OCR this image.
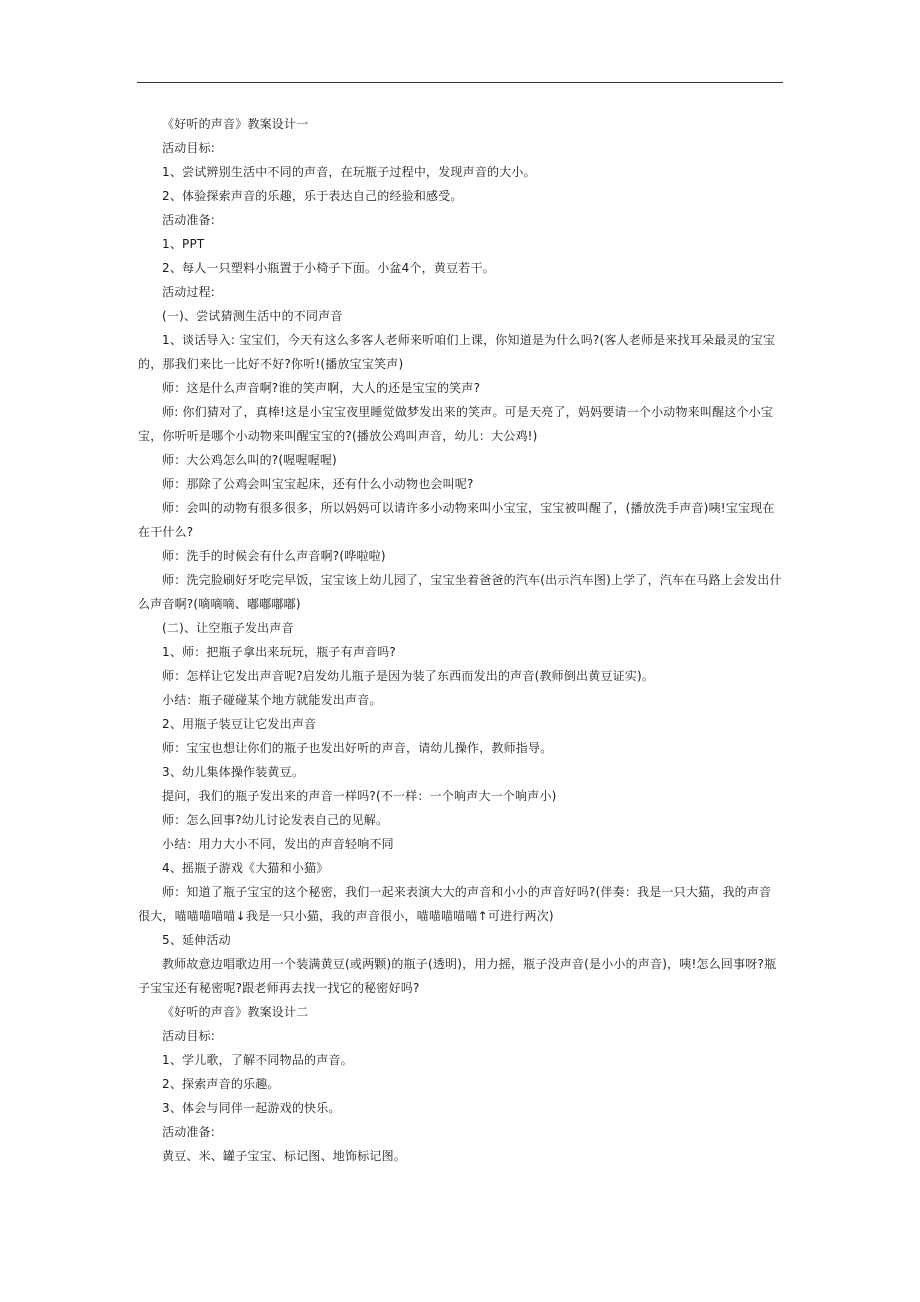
《好听的声音》教案设计一

活动目标:

1、尝试辨别生活中不同的声音，在玩瓶子过程中，发现声音的大小。

2、体验探索声音的乐趣，乐于表达自己的经验和感受。

活动准备:

1、PPT

2、每人一只塑料小瓶置于小椅子下面。小盆4个，黄豆若干。

活动过程:

(一)、尝试猜测生活中的不同声音

1、谈话导入: 宝宝们，今天有这么多客人老师来听咱们上课，你知道是为什么吗?(客人老师是来找耳朵最灵的宝宝的，那我们来比一比好不好?你听!(播放宝宝笑声)

师：这是什么声音啊?谁的笑声啊，大人的还是宝宝的笑声?

师: 你们猜对了，真棒!这是小宝宝夜里睡觉做梦发出来的笑声。可是天亮了，妈妈要请一个小动物来叫醒这个小宝宝，你听听是哪个小动物来叫醒宝宝的?(播放公鸡叫声音，幼儿：大公鸡!)

师：大公鸡怎么叫的?(喔喔喔喔)

师：那除了公鸡会叫宝宝起床，还有什么小动物也会叫呢?

师：会叫的动物有很多很多，所以妈妈可以请许多小动物来叫小宝宝，宝宝被叫醒了，(播放洗手声音)咦!宝宝现在在干什么?

师：洗手的时候会有什么声音啊?(哗啦啦)

师：洗完脸刷好牙吃完早饭，宝宝该上幼儿园了，宝宝坐着爸爸的汽车(出示汽车图)上学了，汽车在马路上会发出什么声音啊?(嘀嘀嘀、嘟嘟嘟嘟)

(二)、让空瓶子发出声音

1、师：把瓶子拿出来玩玩，瓶子有声音吗?

师：怎样让它发出声音呢?启发幼儿瓶子是因为装了东西而发出的声音(教师倒出黄豆证实)。

小结：瓶子碰碰某个地方就能发出声音。

2、用瓶子装豆让它发出声音

师：宝宝也想让你们的瓶子也发出好听的声音，请幼儿操作，教师指导。

3、幼儿集体操作装黄豆。

提问，我们的瓶子发出来的声音一样吗?(不一样：一个响声大一个响声小)

师：怎么回事?幼儿讨论发表自己的见解。

小结：用力大小不同，发出的声音轻响不同

4、摇瓶子游戏《大猫和小猫》

师：知道了瓶子宝宝的这个秘密，我们一起来表演大大的声音和小小的声音好吗?(伴奏：我是一只大猫，我的声音很大，喵喵喵喵喵↓我是一只小猫，我的声音很小，喵喵喵喵喵↑可进行两次)

5、延伸活动

教师故意边唱歌边用一个装满黄豆(或两颗)的瓶子(透明)，用力摇，瓶子没声音(是小小的声音)，咦!怎么回事呀?瓶子宝宝还有秘密呢?跟老师再去找一找它的秘密好吗?

《好听的声音》教案设计二

活动目标:

1、学儿歌，了解不同物品的声音。

2、探索声音的乐趣。

3、体会与同伴一起游戏的快乐。

活动准备:

黄豆、米、罐子宝宝、标记图、地饰标记图。
